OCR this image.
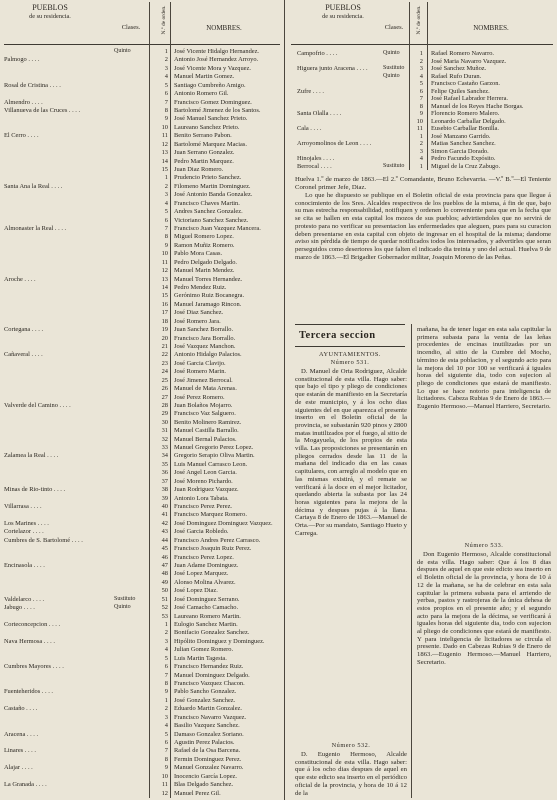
PUEBLOS
de su residencia.
Clases.	N.º de orden.	NOMBRES.
Quinto	1 José Vicente Hidalgo Hernandez.
Palmogo . . . .	2 Antonio José Hernandez Arroyo.
3 José Vicente Mora y Vazquez.
4 Manuel Martin Gomez.
Rosal de Cristina . . . .	5 Santiago Cumbreño Amigo.
6 Antonio Romero Gil.
Almendro . . . .	7 Francisco Gomez Dominguez.
Villanueva de las Cruces . . . .	8 Bartolomé Jimenez de los Santos.
9 José Manuel Sanchez Prieto.
10 Laureano Sanchez Prieto.
El Cerro . . . .	11 Benito Serrano Pabon.
12 Bartolomé Marquez Macias.
13 Juan Serrano Gonzalez.
14 Pedro Martin Marquez.
15 Juan Diaz Romero.
1 Prudencio Prieto Sanchez.
Santa Ana la Real . . . .	2 Filomeno Martin Dominguez.
3 José Antonio Banda Gonzalez.
4 Francisco Chaves Martin.
5 Andres Sanchez Gonzalez.
6 Victoriano Sanchez Sanchez.
Almonaster la Real . . . .	7 Francisco Juan Vazquez Mancera.
8 Miguel Romero Lopez.
9 Ramon Muñiz Romero.
10 Pablo Mora Casas.
11 Pedro Delgado Delgado.
12 Manuel Marin Mendez.
Aroche . . . .	13 Manuel Torres Hernandez.
14 Pedro Mendez Ruiz.
15 Gerónimo Ruiz Bocanegra.
16 Manuel Jaramago Rincon.
17 José Diaz Sanchez.
18 José Romero Jara.
Cortegana . . . .	19 Juan Sanchez Borrallo.
20 Francisco Jara Borrallo.
21 José Vazquez Manchon.
Cañaveral . . . .	22 Antonio Hidalgo Palacios.
23 José Garcia Clavijo.
24 José Romero Marin.
25 José Jimenez Berrocal.
26 Manuel de Mata Arenas.
27 José Perez Romero.
Valverde del Camino . . . .	28 Juan Bolaños Mojarro.
29 Francisco Vaz Salguero.
30 Benito Molinero Ramirez.
31 Manuel Castilla Barrallo.
32 Manuel Bernal Palacios.
33 Manuel Gregorio Perez Lopez.
Zalamea la Real . . . .	34 Gregorio Serapio Oliva Martin.
35 Luis Manuel Carrasco Leon.
36 José Angel Leon Garcia.
37 José Moreno Pichardo.
Minas de Rio-tinto . . . .	38 Juan Rodriguez Vazquez.
39 Antonio Lora Tabata.
Villarrasa . . . .	40 Francisco Perez Perez.
41 Francisco Marquez Romero.
Los Marines . . . .	42 José Dominguez Dominguez Vazquez.
Cortelazor . . . .	43 José Garcia Robledo.
Cumbres de S. Bartolomé . . . .	44 Francisco Andres Perez Carrasco.
45 Francisco Joaquin Ruiz Perez.
46 Francisco Perez Lopez.
Encinasola . . . .	47 Juan Adame Dominguez.
48 José Lopez Marquez.
49 Alonso Molina Alvarez.
50 José Lopez Diaz.
Valdelarco . . . .	Sustituto	51 José Dominguez Serrano.
Jabugo . . . .	Quinto	52 José Camacho Camacho.
53 Laureano Romero Martin.
Corteconcepcion . . . .	1 Eulogio Sanchez Martin.
2 Bonifacio Gonzalez Sanchez.
Nava Hermosa . . . .	3 Hipólito Dominguez y Dominguez.
4 Julian Gomez Romero.
5 Luis Martin Tagesta.
Cumbres Mayores . . . .	6 Francisco Hernandez Ruiz.
7 Manuel Dominguez Delgado.
8 Francisco Vazquez Chacon.
Fuenteheridos . . . .	9 Pablo Sancho Gonzalez.
1 José Gonzalez Sanchez.
Castaño . . . .	2 Eduardo Martin Gonzalez.
3 Francisco Navarro Vazquez.
4 Basilio Vazquez Sanchez.
Aracena . . . .	5 Damaso Gonzalez Soriano.
6 Agustin Perez Palacios.
Linares . . . .	7 Rafael de la Osa Barcena.
8 Fermin Dominguez Perez.
Alajar . . . .	9 Manuel Gonzalez Navarro.
10 Inocencio García Lopez.
La Granada . . . .	11 Blas Delgado Sanchez.
12 Manuel Perez Gil.
PUEBLOS
de su residencia.
Clases.	N.º de orden.	NOMBRES.
Campofrio . . . .	Quinto	1 Rafael Romero Navarro.
2 José Maria Navarro Vazquez.
Higuera junto Aracena . . . .	Sustituto	3 José Sanchez Muñoz.
Quinto	4 Rafael Rufo Duran.
5 Francisco Castaño Garzon.
Zufre . . . .	6 Felipe Quiles Sanchez.
7 José Rafael Labrador Herrera.
8 Manuel de los Reyes Hache Borgas.
Santa Olalla . . . .	9 Florencio Romero Malero.
10 Leonardo Carballar Delgado.
Cala . . . .	11 Eusebio Carballar Bonilla.
1 José Manzano Garrido.
Arroyomolinos de Leon . . . .	2 Matias Sanchez Sanchez.
3 Simon Garcia Dorado.
Hinojales . . . .	4 Pedro Facundo Expósito.
Berrocal . . . .	Sustituto	1 Miguel de la Cruz Zabugo.
Huelva 1.º de marzo de 1863.—El 2.º Comandante, Bruno Echevarria. —V.º B.º—El Teniente Coronel primer Jefe, Diaz.
Lo que he dispuesto se publique en el Boletin oficial de esta provincia para que llegue á conocimiento de los Sres. Alcaldes respectivos de los pueblos de la misma, á fin de que, bajo su mas estrecha responsabilidad, notifiquen y ordenen lo conveniente para que en la fecha que se cita se hallen en esta capital los mozos de sus pueblos; advirtiendoles que no servirá de protesto para no verificar su presentacion las enfermedades que aleguen, pues para su curacion deben presentarse en esta capital con objeto de ingresar en el hospital de la misma; dandome aviso sin pérdida de tiempo de quedar notificados todos los interesados, y advertirles que seran perseguidos como desertores los que falten el indicado dia treinta y uno del actual. Huelva 9 de marzo de 1863.—El Brigadier Gobernador militar, Joaquin Moreno de las Peñas.
Tercera seccion
AYUNTAMIENTOS.
Número 531.
D. Manuel de Orta Rodriguez, Alcalde constitucional de esta villa. Hago saber: que bajo el tipo y pliego de condiciones que estarán de manifiesto en la Secretaría de este municipio, y á los ocho dias siguientes del en que aparezca el presente inserto en el Boletin oficial de la provincia, se subastarán 920 pinos y 2800 matas inutilizados por el fuego, al sitio de la Mogayuela, de los propios de esta villa. Las proposiciones se presentarán en pliegos cerrados desde las 11 de la mañana del indicado dia en las casas capitulares, con arreglo al modelo que en las mismas existirá, y el remate se verificará á la doce en el mejor licitador, quedando abierta la subasta por las 24 horas siguientes para la mejora de la décima y despues pujas á la llana. Cartaya 8 de Enero de 1863.—Manuel de Orta.—Por su mandato, Santiago Hueto y Carrega.
Número 532.
D. Eugenio Hermoso, Alcalde constitucional de esta villa. Hago saber: que á los ocho dias despues de aquel en que este edicto sea inserto en el periódico oficial de la provincia, y hora de 10 á 12 de la
mañana, ha de tener lugar en esta sala capitular la primera subasta para la venta de las leñas procedentes de encinas inutilizadas por un incendio, al sitio de la Cumbre del Mocho, término de esta poblacion, y el segundo acto para la mejora del 10 por 100 se verificará á iguales horas del siguiente dia, todo con sujecion al pliego de condiciones que estará de manifiesto. Lo que se hace notorio para inteligencia de licitadores. Cabeza Rubias 9 de Enero de 1863.—Eugenio Hermoso.—Manuel Harriero, Secretario.
Número 533.
Don Eugenio Hermoso, Alcalde constitucional de esta villa. Hago saber: Que á los 8 dias despues de aquel en que este edicto sea inserto en el Boletin oficial de la provincia, y hora de 10 á 12 de la mañana, se ha de celebrar en esta sala capitular la primera subasta para el arriendo de yerbas, pastos y rastrojeras de la única dehesa de estos propios en el presente año; y el segundo acto para la mejora de la décima, se verificará á iguales horas del siguiente dia, todo con sujecion al pliego de condiciones que estará de manifiesto. Y para inteligencia de licitadores se circula el presente. Dado en Cabezas Rubias 9 de Enero de 1863.—Eugenio Hermoso.—Manuel Harriero, Secretario.
